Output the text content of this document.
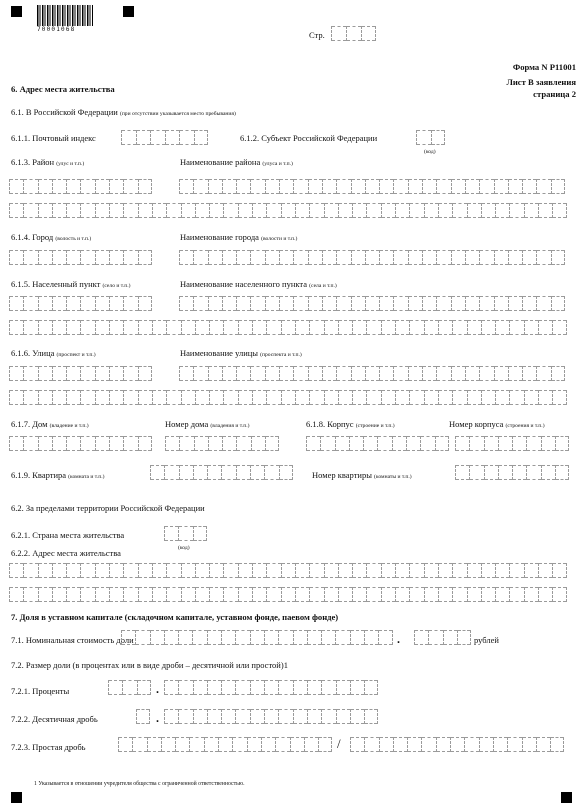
70001068
Стр.
Форма N Р11001
Лист В заявления
страница 2
6. Адрес места жительства
6.1. В Российской Федерации (при отсутствии указывается место пребывания)
6.1.1. Почтовый индекс	6.1.2. Субъект Российской Федерации
(код)
6.1.3. Район (улус и т.п.)	Наименование района (улуса и т.п.)
6.1.4. Город (волость и т.п.)	Наименование города (волости и т.п.)
6.1.5. Населенный пункт (село и т.п.)	Наименование населенного пункта (села и т.п.)
6.1.6. Улица (проспект и т.п.)	Наименование улицы (проспекта и т.п.)
6.1.7. Дом (владение и т.п.)	Номер дома (владения и т.п.)	6.1.8. Корпус (строение и т.п.)	Номер корпуса (строения и т.п.)
6.1.9. Квартира (комната и т.п.)	Номер квартиры (комнаты и т.п.)
6.2. За пределами территории Российской Федерации
6.2.1. Страна места жительства
(код)
6.2.2. Адрес места жительства
7. Доля в уставном капитале (складочном капитале, уставном фонде, паевом фонде)
7.1. Номинальная стоимость доли	.	рублей
7.2. Размер доли (в процентах или в виде дроби – десятичной или простой)1
7.2.1. Проценты	.
7.2.2. Десятичная дробь	.
7.2.3. Простая дробь	/
1 Указывается в отношении учредителя общества с ограниченной ответственностью.
